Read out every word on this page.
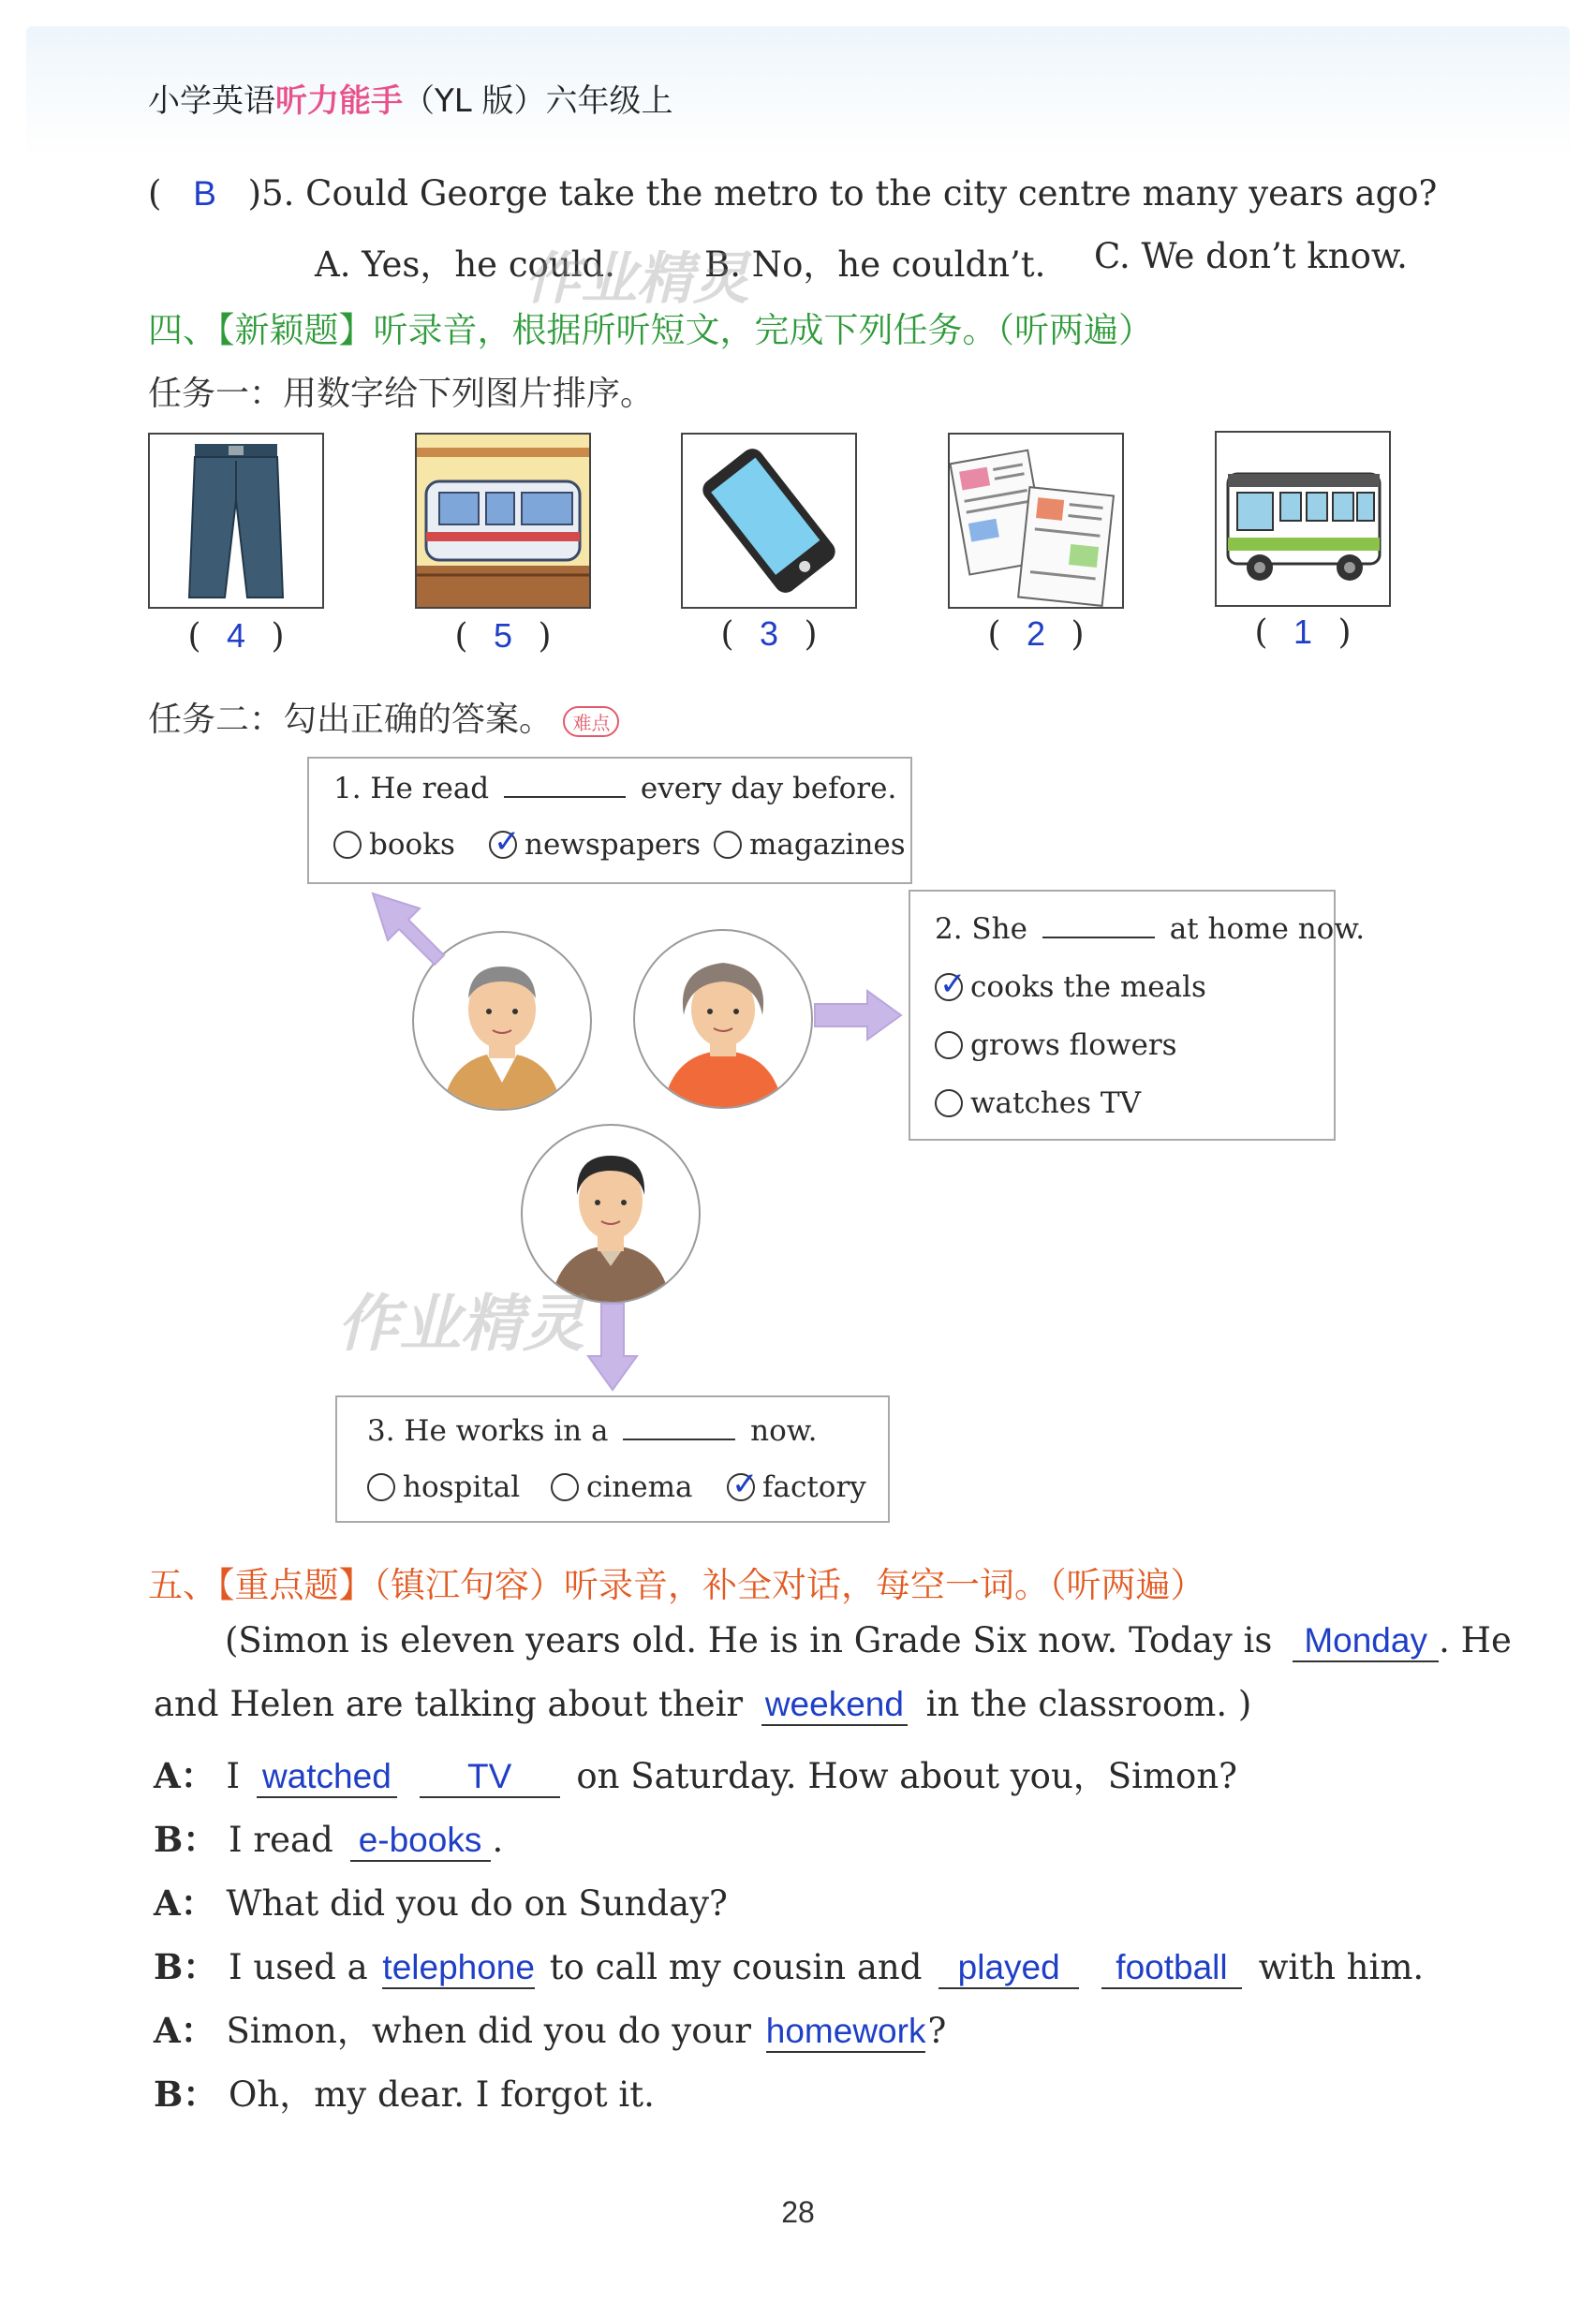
小学英语听力能手（YL 版）六年级上
( B )5. Could George take the metro to the city centre many years ago?
A. Yes，he could.	B. No，he couldn’t. C. We don’t know.
四、【新颖题】听录音，根据所听短文，完成下列任务。（听两遍）
任务一：用数字给下列图片排序。
( 4 )	( 5 )	( 3 )	( 2 )	( 1 )
任务二：勾出正确的答案。 难点
1. He read	every day before.
books ✓ newspapers magazines
2. She	at home now.
✓ cooks the meals
grows flowers
watches TV
3. He works in a	now.
hospital cinema ✓ factory
作业精灵
作业精灵
五、【重点题】（镇江句容）听录音，补全对话，每空一词。（听两遍）
(Simon is eleven years old. He is in Grade Six now. Today is Monday . He
and Helen are talking about their weekend in the classroom. )
A： I watched TV on Saturday. How about you，Simon?
B： I read e-books .
A： What did you do on Sunday?
B： I used a telephone to call my cousin and played football with him.
A： Simon，when did you do your homework?
B： Oh，my dear. I forgot it.
28
